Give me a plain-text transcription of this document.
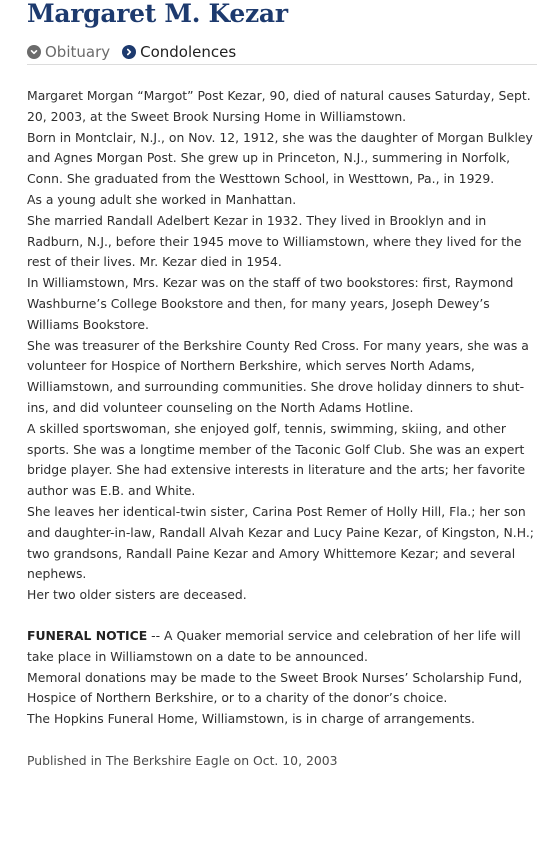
Margaret M. Kezar
Obituary Condolences

Margaret Morgan “Margot” Post Kezar, 90, died of natural causes Saturday, Sept. 20, 2003, at the Sweet Brook Nursing Home in Williamstown.

Born in Montclair, N.J., on Nov. 12, 1912, she was the daughter of Morgan Bulkley and Agnes Morgan Post. She grew up in Princeton, N.J., summering in Norfolk, Conn. She graduated from the Westtown School, in Westtown, Pa., in 1929.

As a young adult she worked in Manhattan.

She married Randall Adelbert Kezar in 1932. They lived in Brooklyn and in Radburn, N.J., before their 1945 move to Williamstown, where they lived for the rest of their lives. Mr. Kezar died in 1954.

In Williamstown, Mrs. Kezar was on the staff of two bookstores: first, Raymond Washburne’s College Bookstore and then, for many years, Joseph Dewey’s Williams Bookstore.

She was treasurer of the Berkshire County Red Cross. For many years, she was a volunteer for Hospice of Northern Berkshire, which serves North Adams, Williamstown, and surrounding communities. She drove holiday dinners to shut-ins, and did volunteer counseling on the North Adams Hotline.

A skilled sportswoman, she enjoyed golf, tennis, swimming, skiing, and other sports. She was a longtime member of the Taconic Golf Club. She was an expert bridge player. She had extensive interests in literature and the arts; her favorite author was E.B. and White.

She leaves her identical-twin sister, Carina Post Remer of Holly Hill, Fla.; her son and daughter-in-law, Randall Alvah Kezar and Lucy Paine Kezar, of Kingston, N.H.; two grandsons, Randall Paine Kezar and Amory Whittemore Kezar; and several nephews.

Her two older sisters are deceased.

FUNERAL NOTICE -- A Quaker memorial service and celebration of her life will take place in Williamstown on a date to be announced.

Memoral donations may be made to the Sweet Brook Nurses’ Scholarship Fund, Hospice of Northern Berkshire, or to a charity of the donor’s choice.

The Hopkins Funeral Home, Williamstown, is in charge of arrangements.

Published in The Berkshire Eagle on Oct. 10, 2003
